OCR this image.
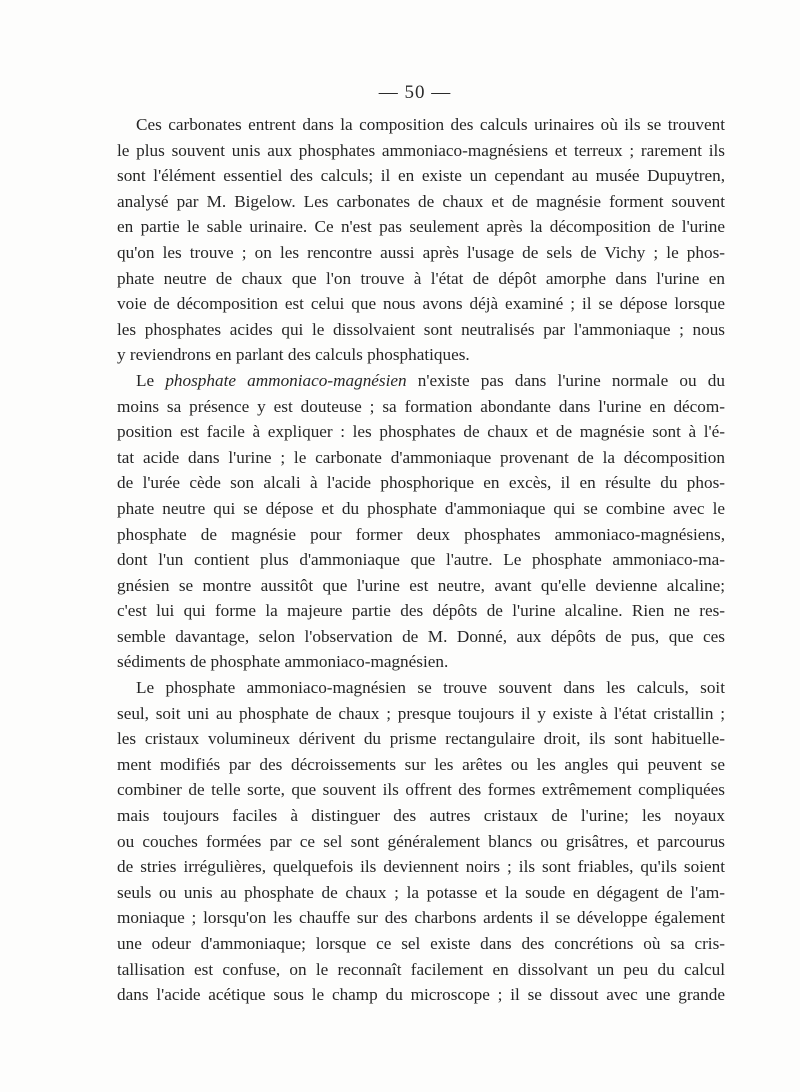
— 50 —
Ces carbonates entrent dans la composition des calculs urinaires où ils se trouvent
le plus souvent unis aux phosphates ammoniaco-magnésiens et terreux ; rarement ils
sont l'élément essentiel des calculs; il en existe un cependant au musée Dupuytren,
analysé par M. Bigelow. Les carbonates de chaux et de magnésie forment souvent
en partie le sable urinaire. Ce n'est pas seulement après la décomposition de l'urine
qu'on les trouve ; on les rencontre aussi après l'usage de sels de Vichy ; le phos-
phate neutre de chaux que l'on trouve à l'état de dépôt amorphe dans l'urine en
voie de décomposition est celui que nous avons déjà examiné ; il se dépose lorsque
les phosphates acides qui le dissolvaient sont neutralisés par l'ammoniaque ; nous
y reviendrons en parlant des calculs phosphatiques.
Le phosphate ammoniaco-magnésien n'existe pas dans l'urine normale ou du
moins sa présence y est douteuse ; sa formation abondante dans l'urine en décom-
position est facile à expliquer : les phosphates de chaux et de magnésie sont à l'é-
tat acide dans l'urine ; le carbonate d'ammoniaque provenant de la décomposition
de l'urée cède son alcali à l'acide phosphorique en excès, il en résulte du phos-
phate neutre qui se dépose et du phosphate d'ammoniaque qui se combine avec le
phosphate de magnésie pour former deux phosphates ammoniaco-magnésiens,
dont l'un contient plus d'ammoniaque que l'autre. Le phosphate ammoniaco-ma-
gnésien se montre aussitôt que l'urine est neutre, avant qu'elle devienne alcaline;
c'est lui qui forme la majeure partie des dépôts de l'urine alcaline. Rien ne res-
semble davantage, selon l'observation de M. Donné, aux dépôts de pus, que ces
sédiments de phosphate ammoniaco-magnésien.
Le phosphate ammoniaco-magnésien se trouve souvent dans les calculs, soit
seul, soit uni au phosphate de chaux ; presque toujours il y existe à l'état cristallin ;
les cristaux volumineux dérivent du prisme rectangulaire droit, ils sont habituelle-
ment modifiés par des décroissements sur les arêtes ou les angles qui peuvent se
combiner de telle sorte, que souvent ils offrent des formes extrêmement compliquées
mais toujours faciles à distinguer des autres cristaux de l'urine; les noyaux
ou couches formées par ce sel sont généralement blancs ou grisâtres, et parcourus
de stries irrégulières, quelquefois ils deviennent noirs ; ils sont friables, qu'ils soient
seuls ou unis au phosphate de chaux ; la potasse et la soude en dégagent de l'am-
moniaque ; lorsqu'on les chauffe sur des charbons ardents il se développe également
une odeur d'ammoniaque; lorsque ce sel existe dans des concrétions où sa cris-
tallisation est confuse, on le reconnaît facilement en dissolvant un peu du calcul
dans l'acide acétique sous le champ du microscope ; il se dissout avec une grande
